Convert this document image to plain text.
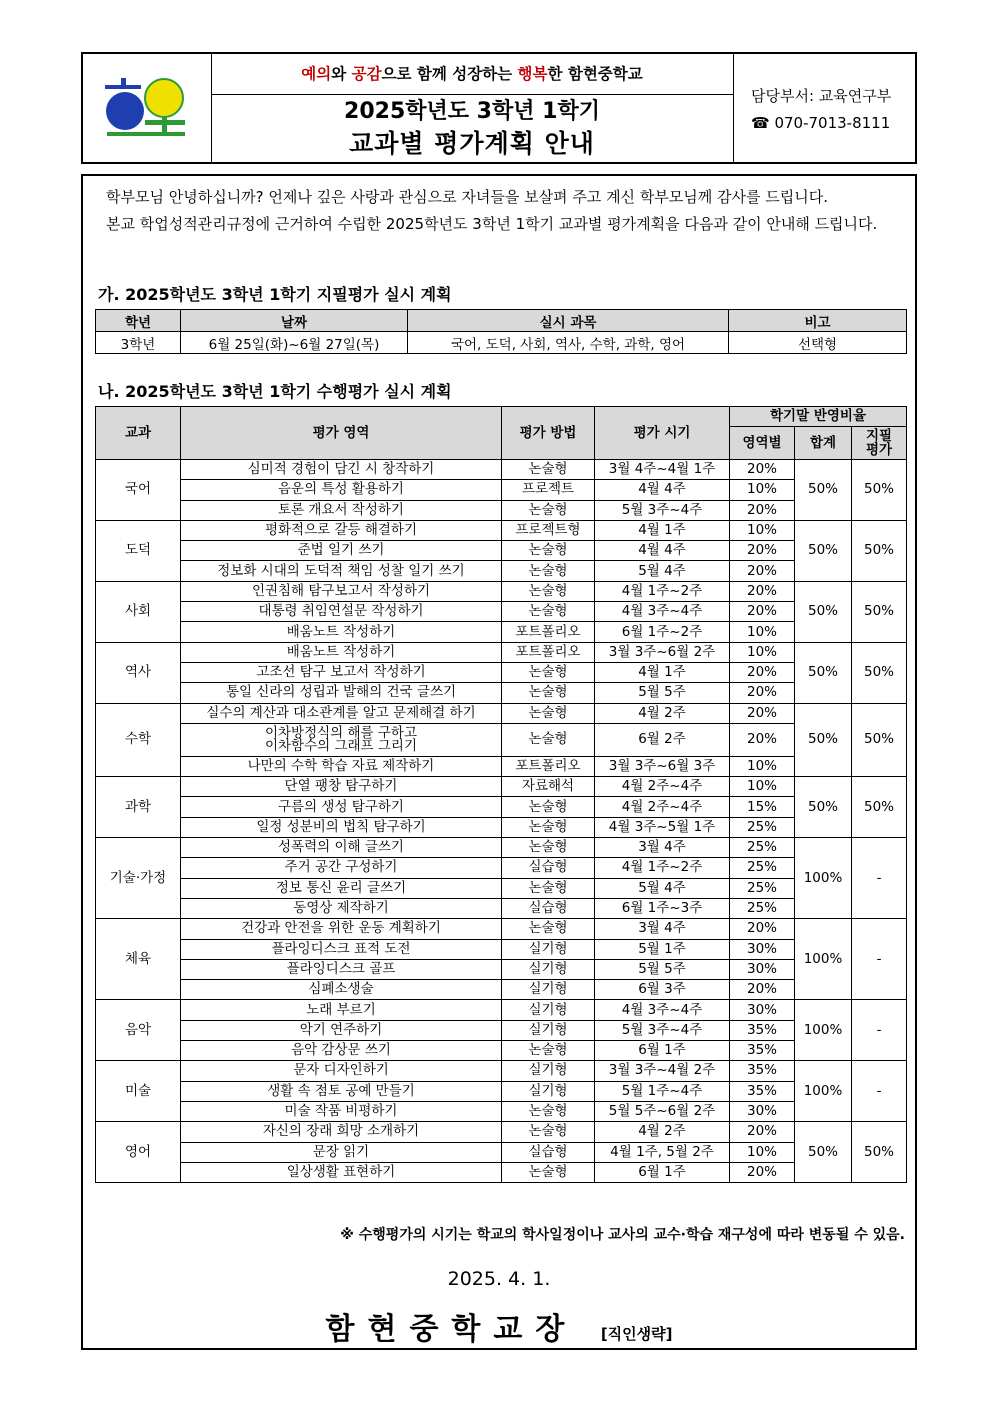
예의와 공감으로 함께 성장하는 행복한 함현중학교
2025학년도 3학년 1학기
교과별 평가계획 안내
담당부서: 교육연구부
☎ 070-7013-8111

학부모님 안녕하십니까? 언제나 깊은 사랑과 관심으로 자녀들을 보살펴 주고 계신 학부모님께 감사를 드립니다.

본교 학업성적관리규정에 근거하여 수립한 2025학년도 3학년 1학기 교과별 평가계획을 다음과 같이 안내해 드립니다.

가. 2025학년도 3학년 1학기 지필평가 실시 계획
학년	날짜	실시 과목	비고
3학년	6월 25일(화)~6월 27일(목)	국어, 도덕, 사회, 역사, 수학, 과학, 영어	선택형
나. 2025학년도 3학년 1학기 수행평가 실시 계획
교과	평가 영역	평가 방법	평가 시기	학기말 반영비율		
				영역별	합계	지필 평가
국어	심미적 경험이 담긴 시 창작하기	논술형	3월 4주~4월 1주	20%	50%	50%
	음운의 특성 활용하기	프로젝트	4월 4주	10%		
	토론 개요서 작성하기	논술형	5월 3주~4주	20%		
도덕	평화적으로 갈등 해결하기	프로젝트형	4월 1주	10%	50%	50%
	준법 일기 쓰기	논술형	4월 4주	20%		
	정보화 시대의 도덕적 책임 성찰 일기 쓰기	논술형	5월 4주	20%		
사회	인권침해 탐구보고서 작성하기	논술형	4월 1주~2주	20%	50%	50%
	대통령 취임연설문 작성하기	논술형	4월 3주~4주	20%		
	배움노트 작성하기	포트폴리오	6월 1주~2주	10%		
역사	배움노트 작성하기	포트폴리오	3월 3주~6월 2주	10%	50%	50%
	고조선 탐구 보고서 작성하기	논술형	4월 1주	20%		
	통일 신라의 성립과 발해의 건국 글쓰기	논술형	5월 5주	20%		
수학	실수의 계산과 대소관계를 알고 문제해결 하기	논술형	4월 2주	20%	50%	50%
	이차방정식의 해를 구하고
이차함수의 그래프 그리기	논술형	6월 2주	20%		
	나만의 수학 학습 자료 제작하기	포트폴리오	3월 3주~6월 3주	10%		
과학	단열 팽창 탐구하기	자료해석	4월 2주~4주	10%	50%	50%
	구름의 생성 탐구하기	논술형	4월 2주~4주	15%		
	일정 성분비의 법칙 탐구하기	논술형	4월 3주~5월 1주	25%		
기술·가정	성폭력의 이해 글쓰기	논술형	3월 4주	25%	100%	-
	주거 공간 구성하기	실습형	4월 1주~2주	25%		
	정보 통신 윤리 글쓰기	논술형	5월 4주	25%		
	동영상 제작하기	실습형	6월 1주~3주	25%		
체육	건강과 안전을 위한 운동 계획하기	논술형	3월 4주	20%	100%	-
	플라잉디스크 표적 도전	실기형	5월 1주	30%		
	플라잉디스크 골프	실기형	5월 5주	30%		
	심폐소생술	실기형	6월 3주	20%		
음악	노래 부르기	실기형	4월 3주~4주	30%	100%	-
	악기 연주하기	실기형	5월 3주~4주	35%		
	음악 감상문 쓰기	논술형	6월 1주	35%		
미술	문자 디자인하기	실기형	3월 3주~4월 2주	35%	100%	-
	생활 속 점토 공예 만들기	실기형	5월 1주~4주	35%		
	미술 작품 비평하기	논술형	5월 5주~6월 2주	30%		
영어	자신의 장래 희망 소개하기	논술형	4월 2주	20%	50%	50%
	문장 읽기	실습형	4월 1주, 5월 2주	10%		
	일상생활 표현하기	논술형	6월 1주	20%		
※ 수행평가의 시기는 학교의 학사일정이나 교사의 교수·학습 재구성에 따라 변동될 수 있음.
2025. 4. 1.
함현중학교장 [직인생략]
